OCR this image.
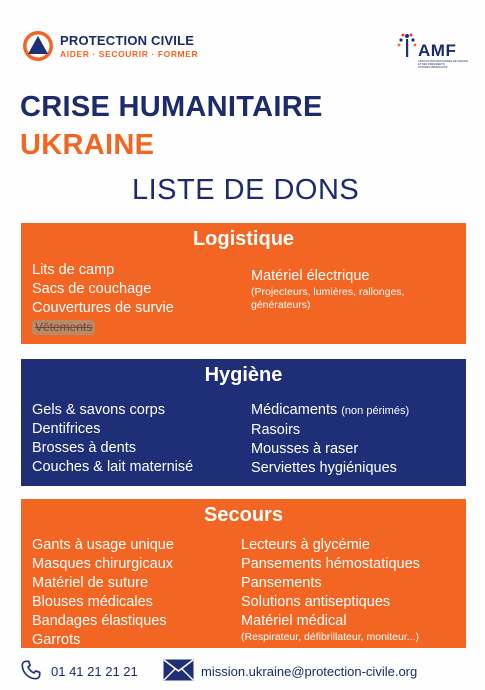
PROTECTION CIVILE
AIDER · SECOURIR · FORMER	AMF
ASSOCIATION DES MAIRES DE FRANCE ET DES PRÉSIDENTS D'INTERCOMMUNALITÉ
CRISE HUMANITAIRE
UKRAINE
LISTE DE DONS
Logistique
Lits de camp
Sacs de couchage
Couvertures de survie
Vêtements
Matériel électrique
(Projecteurs, lumières, rallonges, générateurs)
Hygiène
Gels & savons corps
Dentifrices
Brosses à dents
Couches & lait maternisé
Médicaments (non périmés)
Rasoirs
Mousses à raser
Serviettes hygiéniques
Secours
Gants à usage unique
Masques chirurgicaux
Matériel de suture
Blouses médicales
Bandages élastiques
Garrots
Lecteurs à glycémie
Pansements hémostatiques
Pansements
Solutions antiseptiques
Matériel médical
(Respirateur, défibrillateur, moniteur...)
01 41 21 21 21	mission.ukraine@protection-civile.org
